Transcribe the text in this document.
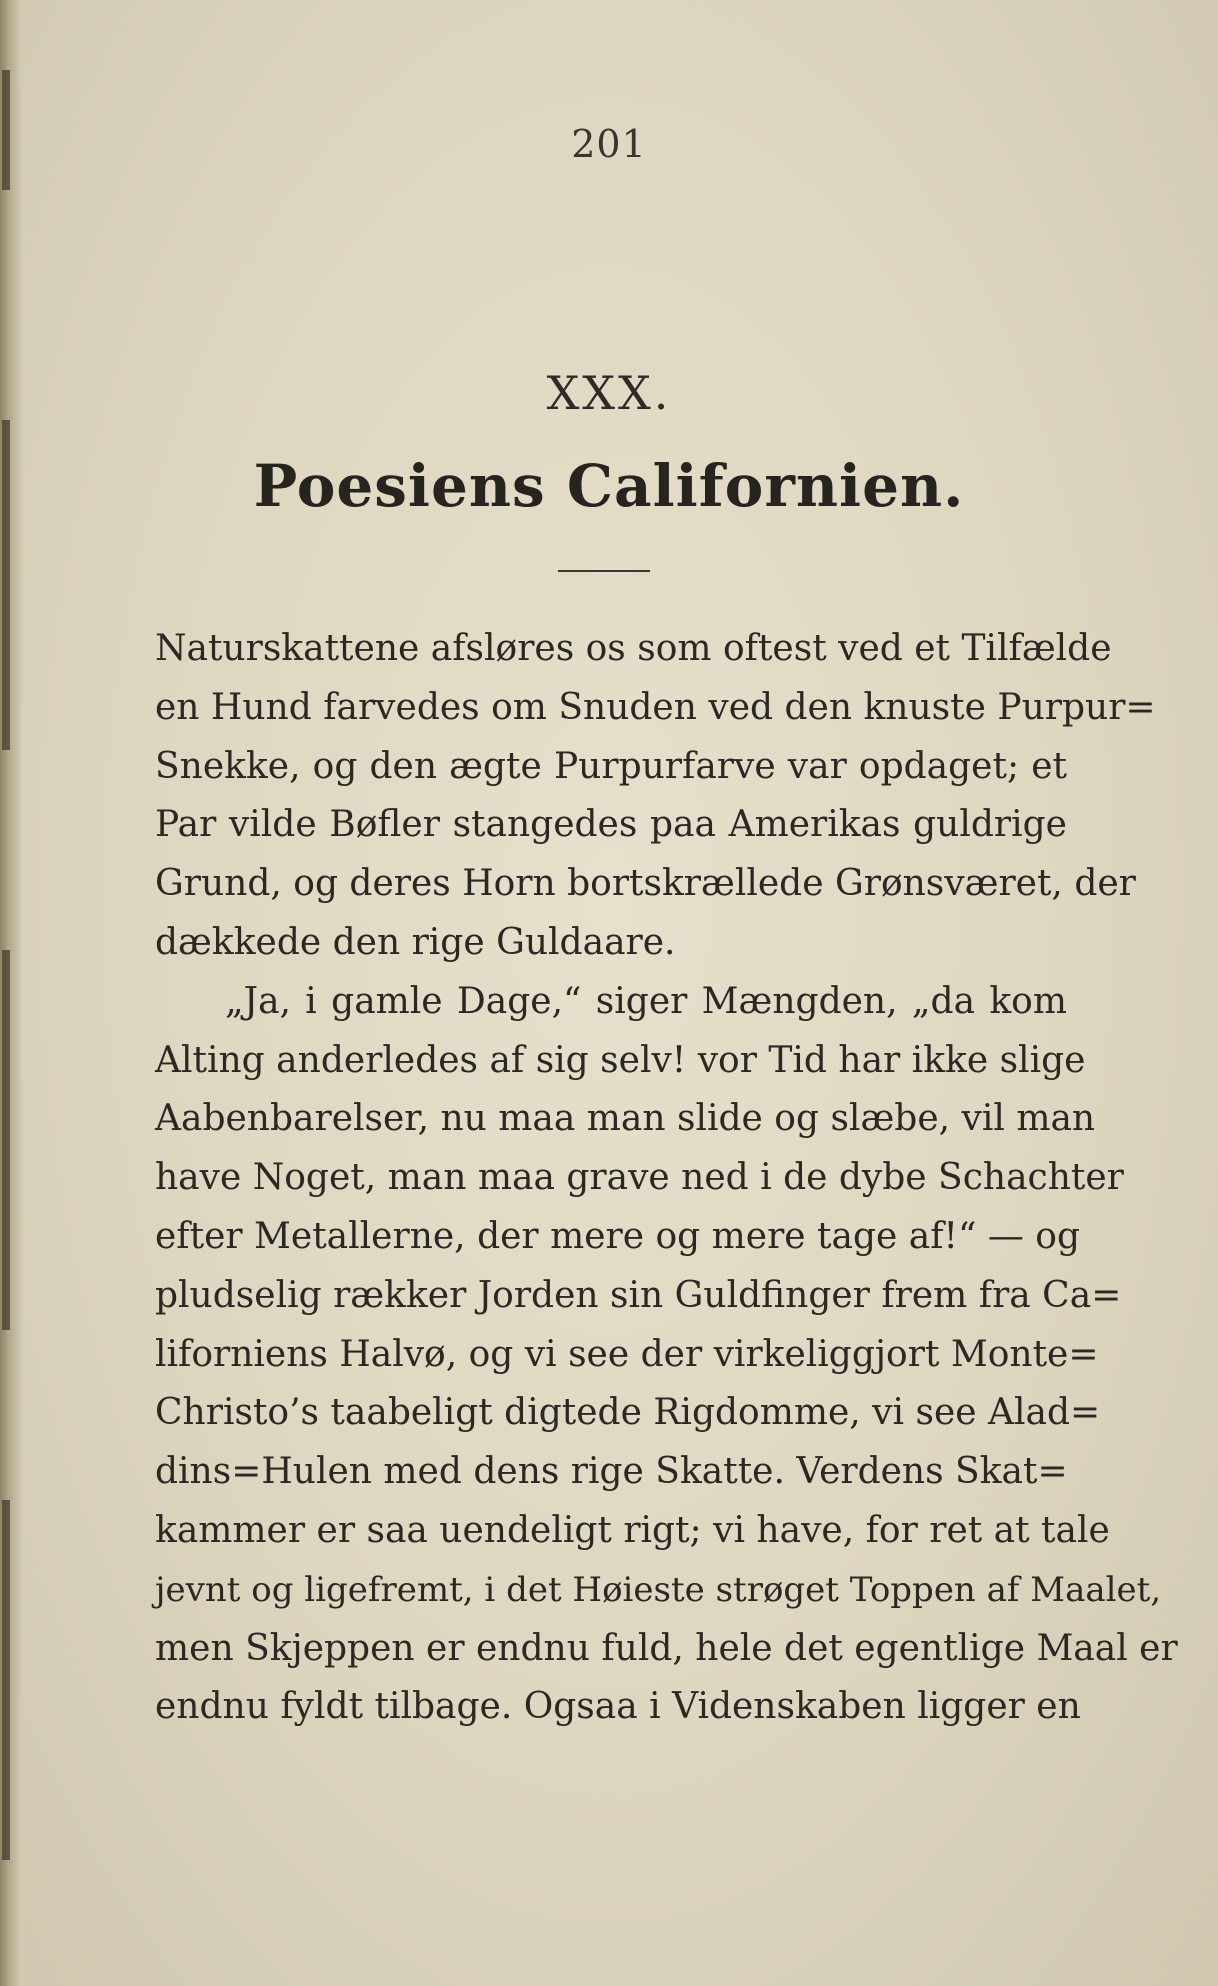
201
XXX.
Poesiens Californien.
Naturskattene afsløres os som oftest ved et Tilfælde
en Hund farvedes om Snuden ved den knuste Purpur=
Snekke, og den ægte Purpurfarve var opdaget; et
Par vilde Bøfler stangedes paa Amerikas guldrige
Grund, og deres Horn bortskrællede Grønsværet, der
dækkede den rige Guldaare.
„Ja, i gamle Dage,“ siger Mængden, „da kom
Alting anderledes af sig selv! vor Tid har ikke slige
Aabenbarelser, nu maa man slide og slæbe, vil man
have Noget, man maa grave ned i de dybe Schachter
efter Metallerne, der mere og mere tage af!“ — og
pludselig rækker Jorden sin Guldfinger frem fra Ca=
liforniens Halvø, og vi see der virkeliggjort Monte=
Christo’s taabeligt digtede Rigdomme, vi see Alad=
dins=Hulen med dens rige Skatte. Verdens Skat=
kammer er saa uendeligt rigt; vi have, for ret at tale
jevnt og ligefremt, i det Høieste strøget Toppen af Maalet,
men Skjeppen er endnu fuld, hele det egentlige Maal er
endnu fyldt tilbage. Ogsaa i Videnskaben ligger en
